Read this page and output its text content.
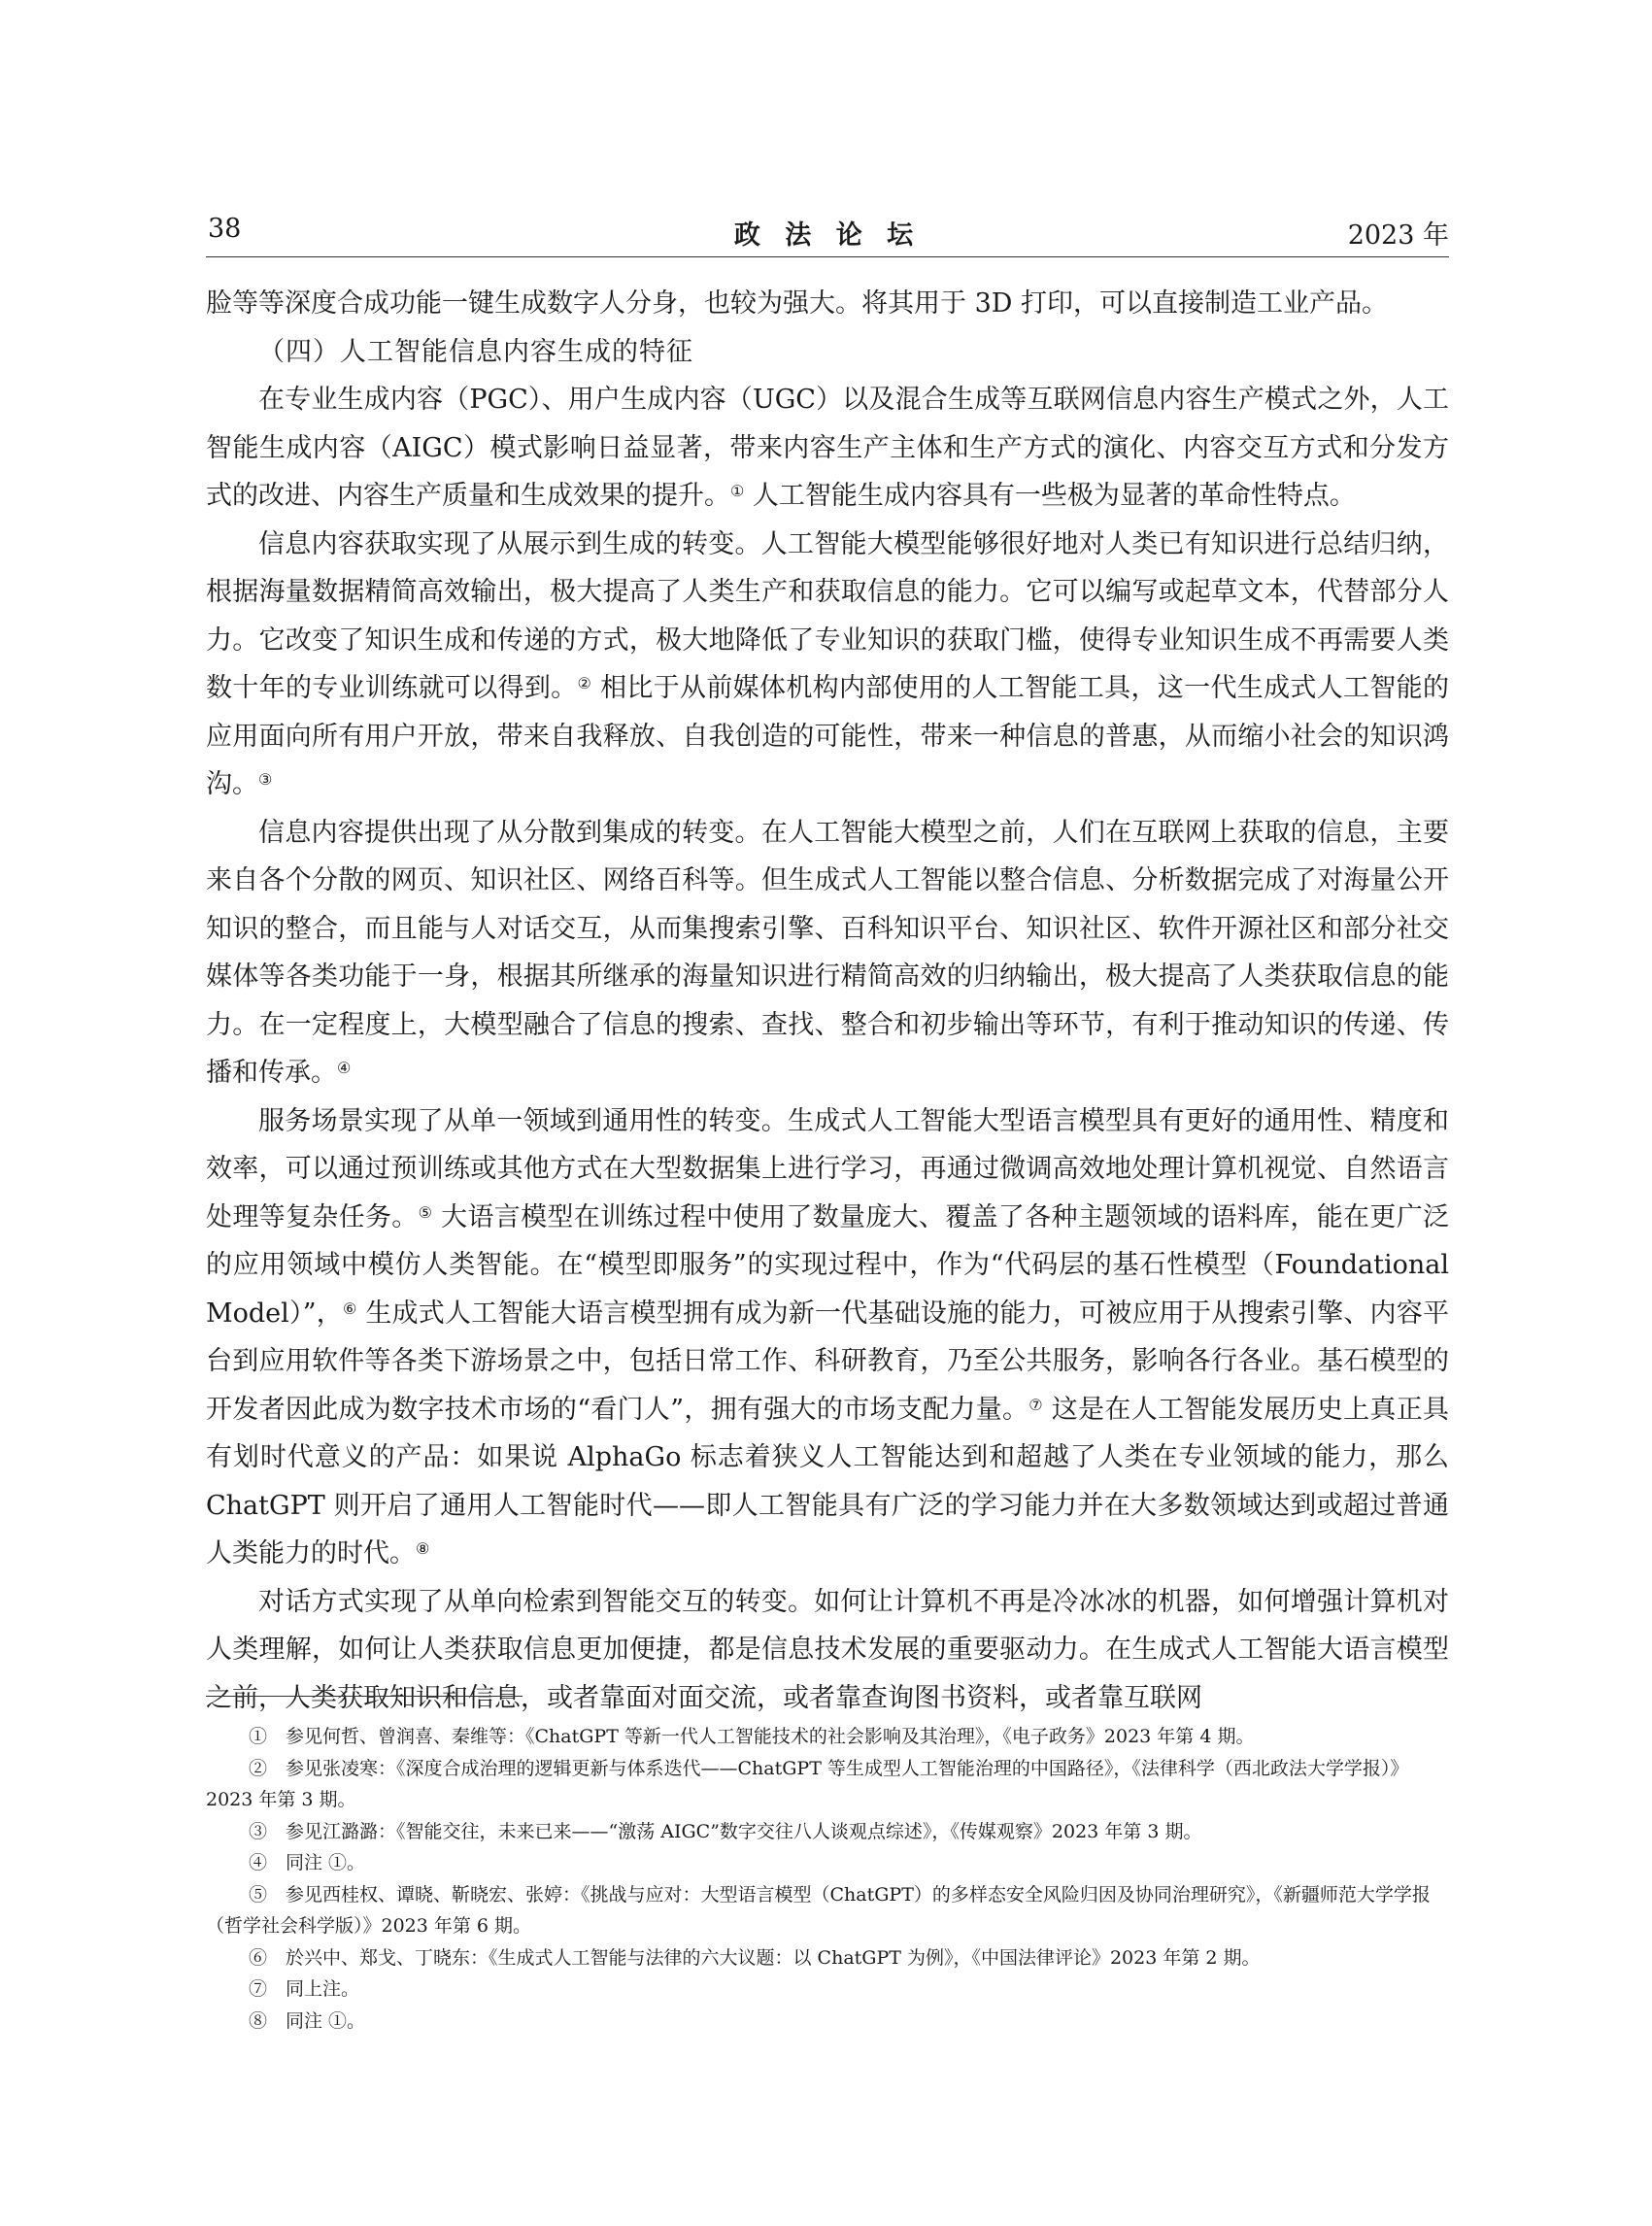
38	政 法 论 坛	2023 年

脸等等深度合成功能一键生成数字人分身，也较为强大。将其用于 3D 打印，可以直接制造工业产品。

（四）人工智能信息内容生成的特征

在专业生成内容（PGC）、用户生成内容（UGC）以及混合生成等互联网信息内容生产模式之外，人工智能生成内容（AIGC）模式影响日益显著，带来内容生产主体和生产方式的演化、内容交互方式和分发方式的改进、内容生产质量和生成效果的提升。① 人工智能生成内容具有一些极为显著的革命性特点。

信息内容获取实现了从展示到生成的转变。人工智能大模型能够很好地对人类已有知识进行总结归纳，根据海量数据精简高效输出，极大提高了人类生产和获取信息的能力。它可以编写或起草文本，代替部分人力。它改变了知识生成和传递的方式，极大地降低了专业知识的获取门槛，使得专业知识生成不再需要人类数十年的专业训练就可以得到。② 相比于从前媒体机构内部使用的人工智能工具，这一代生成式人工智能的应用面向所有用户开放，带来自我释放、自我创造的可能性，带来一种信息的普惠，从而缩小社会的知识鸿沟。③

信息内容提供出现了从分散到集成的转变。在人工智能大模型之前，人们在互联网上获取的信息，主要来自各个分散的网页、知识社区、网络百科等。但生成式人工智能以整合信息、分析数据完成了对海量公开知识的整合，而且能与人对话交互，从而集搜索引擎、百科知识平台、知识社区、软件开源社区和部分社交媒体等各类功能于一身，根据其所继承的海量知识进行精简高效的归纳输出，极大提高了人类获取信息的能力。在一定程度上，大模型融合了信息的搜索、查找、整合和初步输出等环节，有利于推动知识的传递、传播和传承。④

服务场景实现了从单一领域到通用性的转变。生成式人工智能大型语言模型具有更好的通用性、精度和效率，可以通过预训练或其他方式在大型数据集上进行学习，再通过微调高效地处理计算机视觉、自然语言处理等复杂任务。⑤ 大语言模型在训练过程中使用了数量庞大、覆盖了各种主题领域的语料库，能在更广泛的应用领域中模仿人类智能。在“模型即服务”的实现过程中，作为“代码层的基石性模型（Foundational Model）”，⑥ 生成式人工智能大语言模型拥有成为新一代基础设施的能力，可被应用于从搜索引擎、内容平台到应用软件等各类下游场景之中，包括日常工作、科研教育，乃至公共服务，影响各行各业。基石模型的开发者因此成为数字技术市场的“看门人”，拥有强大的市场支配力量。⑦ 这是在人工智能发展历史上真正具有划时代意义的产品：如果说 AlphaGo 标志着狭义人工智能达到和超越了人类在专业领域的能力，那么 ChatGPT 则开启了通用人工智能时代——即人工智能具有广泛的学习能力并在大多数领域达到或超过普通人类能力的时代。⑧

对话方式实现了从单向检索到智能交互的转变。如何让计算机不再是冷冰冰的机器，如何增强计算机对人类理解，如何让人类获取信息更加便捷，都是信息技术发展的重要驱动力。在生成式人工智能大语言模型之前，人类获取知识和信息，或者靠面对面交流，或者靠查询图书资料，或者靠互联网

①　参见何哲、曾润喜、秦维等：《ChatGPT 等新一代人工智能技术的社会影响及其治理》，《电子政务》2023 年第 4 期。

②　参见张凌寒：《深度合成治理的逻辑更新与体系迭代——ChatGPT 等生成型人工智能治理的中国路径》，《法律科学（西北政法大学学报）》2023 年第 3 期。

③　参见江潞潞：《智能交往，未来已来——“激荡 AIGC”数字交往八人谈观点综述》，《传媒观察》2023 年第 3 期。

④　同注 ①。

⑤　参见西桂权、谭晓、靳晓宏、张婷：《挑战与应对：大型语言模型（ChatGPT）的多样态安全风险归因及协同治理研究》，《新疆师范大学学报（哲学社会科学版）》2023 年第 6 期。

⑥　於兴中、郑戈、丁晓东：《生成式人工智能与法律的六大议题：以 ChatGPT 为例》，《中国法律评论》2023 年第 2 期。

⑦　同上注。

⑧　同注 ①。
